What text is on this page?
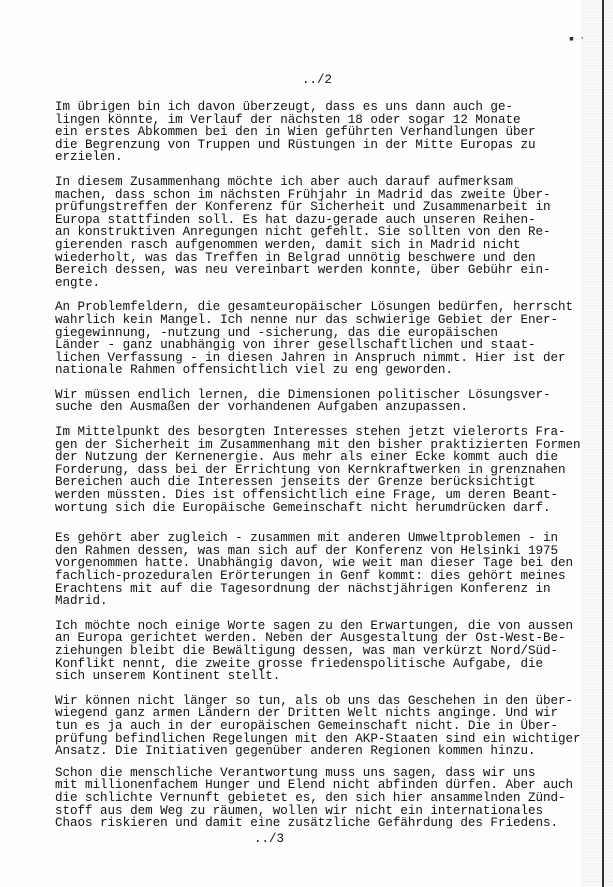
▪ ·
../2

Im übrigen bin ich davon überzeugt, dass es uns dann auch ge-
lingen könnte, im Verlauf der nächsten 18 oder sogar 12 Monate
ein erstes Abkommen bei den in Wien geführten Verhandlungen über
die Begrenzung von Truppen und Rüstungen in der Mitte Europas zu
erzielen.

In diesem Zusammenhang möchte ich aber auch darauf aufmerksam
machen, dass schon im nächsten Frühjahr in Madrid das zweite Über-
prüfungstreffen der Konferenz für Sicherheit und Zusammenarbeit in
Europa stattfinden soll. Es hat dazu-gerade auch unseren Reihen-
an konstruktiven Anregungen nicht gefehlt. Sie sollten von den Re-
gierenden rasch aufgenommen werden, damit sich in Madrid nicht
wiederholt, was das Treffen in Belgrad unnötig beschwere und den
Bereich dessen, was neu vereinbart werden konnte, über Gebühr ein-
engte.

An Problemfeldern, die gesamteuropäischer Lösungen bedürfen, herrscht
wahrlich kein Mangel. Ich nenne nur das schwierige Gebiet der Ener-
giegewinnung, -nutzung und -sicherung, das die europäischen
Länder - ganz unabhängig von ihrer gesellschaftlichen und staat-
lichen Verfassung - in diesen Jahren in Anspruch nimmt. Hier ist der
nationale Rahmen offensichtlich viel zu eng geworden.

Wir müssen endlich lernen, die Dimensionen politischer Lösungsver-
suche den Ausmaßen der vorhandenen Aufgaben anzupassen.

Im Mittelpunkt des besorgten Interesses stehen jetzt vielerorts Fra-
gen der Sicherheit im Zusammenhang mit den bisher praktizierten Formen
der Nutzung der Kernenergie. Aus mehr als einer Ecke kommt auch die
Forderung, dass bei der Errichtung von Kernkraftwerken in grenznahen
Bereichen auch die Interessen jenseits der Grenze berücksichtigt
werden müssten. Dies ist offensichtlich eine Frage, um deren Beant-
wortung sich die Europäische Gemeinschaft nicht herumdrücken darf.

Es gehört aber zugleich - zusammen mit anderen Umweltproblemen - in
den Rahmen dessen, was man sich auf der Konferenz von Helsinki 1975
vorgenommen hatte. Unabhängig davon, wie weit man dieser Tage bei den
fachlich-prozeduralen Erörterungen in Genf kommt: dies gehört meines
Erachtens mit auf die Tagesordnung der nächstjährigen Konferenz in
Madrid.

Ich möchte noch einige Worte sagen zu den Erwartungen, die von aussen
an Europa gerichtet werden. Neben der Ausgestaltung der Ost-West-Be-
ziehungen bleibt die Bewältigung dessen, was man verkürzt Nord/Süd-
Konflikt nennt, die zweite grosse friedenspolitische Aufgabe, die
sich unserem Kontinent stellt.

Wir können nicht länger so tun, als ob uns das Geschehen in den über-
wiegend ganz armen Ländern der Dritten Welt nichts anginge. Und wir
tun es ja auch in der europäischen Gemeinschaft nicht. Die in Über-
prüfung befindlichen Regelungen mit den AKP-Staaten sind ein wichtiger
Ansatz. Die Initiativen gegenüber anderen Regionen kommen hinzu.

Schon die menschliche Verantwortung muss uns sagen, dass wir uns
mit millionenfachem Hunger und Elend nicht abfinden dürfen. Aber auch
die schlichte Vernunft gebietet es, den sich hier ansammelnden Zünd-
stoff aus dem Weg zu räumen, wollen wir nicht ein internationales
Chaos riskieren und damit eine zusätzliche Gefährdung des Friedens.

../3
